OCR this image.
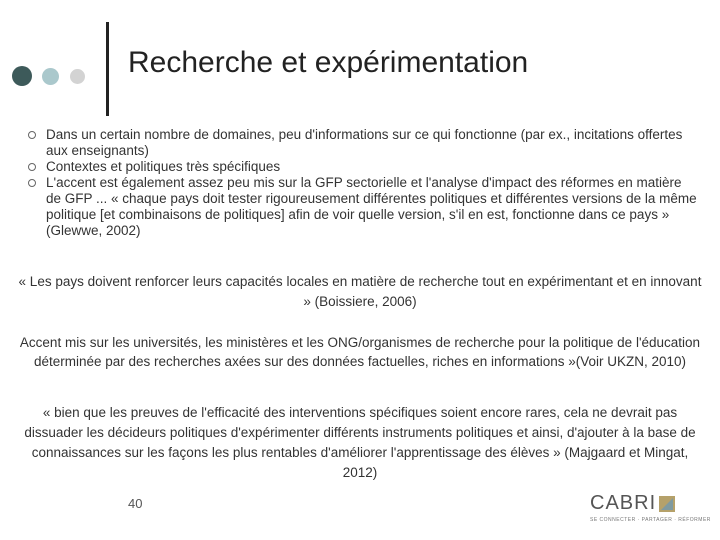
Recherche et expérimentation
Dans un certain nombre de domaines, peu d'informations sur ce qui fonctionne (par ex., incitations offertes aux enseignants)
Contextes et politiques très spécifiques
L'accent est également assez peu mis sur la GFP sectorielle et l'analyse d'impact des réformes en matière de GFP ... « chaque pays doit tester rigoureusement différentes politiques et différentes versions de la même politique [et combinaisons de politiques] afin de voir quelle version, s'il en est, fonctionne dans ce pays » (Glewwe, 2002)
« Les pays doivent renforcer leurs capacités locales en matière de recherche tout en expérimentant et en innovant » (Boissiere, 2006)
Accent mis sur les universités, les ministères et les ONG/organismes de recherche pour la politique de l'éducation déterminée par des recherches axées sur des données factuelles, riches en informations »(Voir UKZN, 2010)
« bien que les preuves de l'efficacité des interventions spécifiques soient encore rares, cela ne devrait pas dissuader les décideurs politiques d'expérimenter différents instruments politiques et ainsi, d'ajouter à la base de connaissances sur les façons les plus rentables d'améliorer l'apprentissage des élèves » (Majgaard et Mingat, 2012)
40	CABRI
SE CONNECTER · PARTAGER · RÉFORMER
